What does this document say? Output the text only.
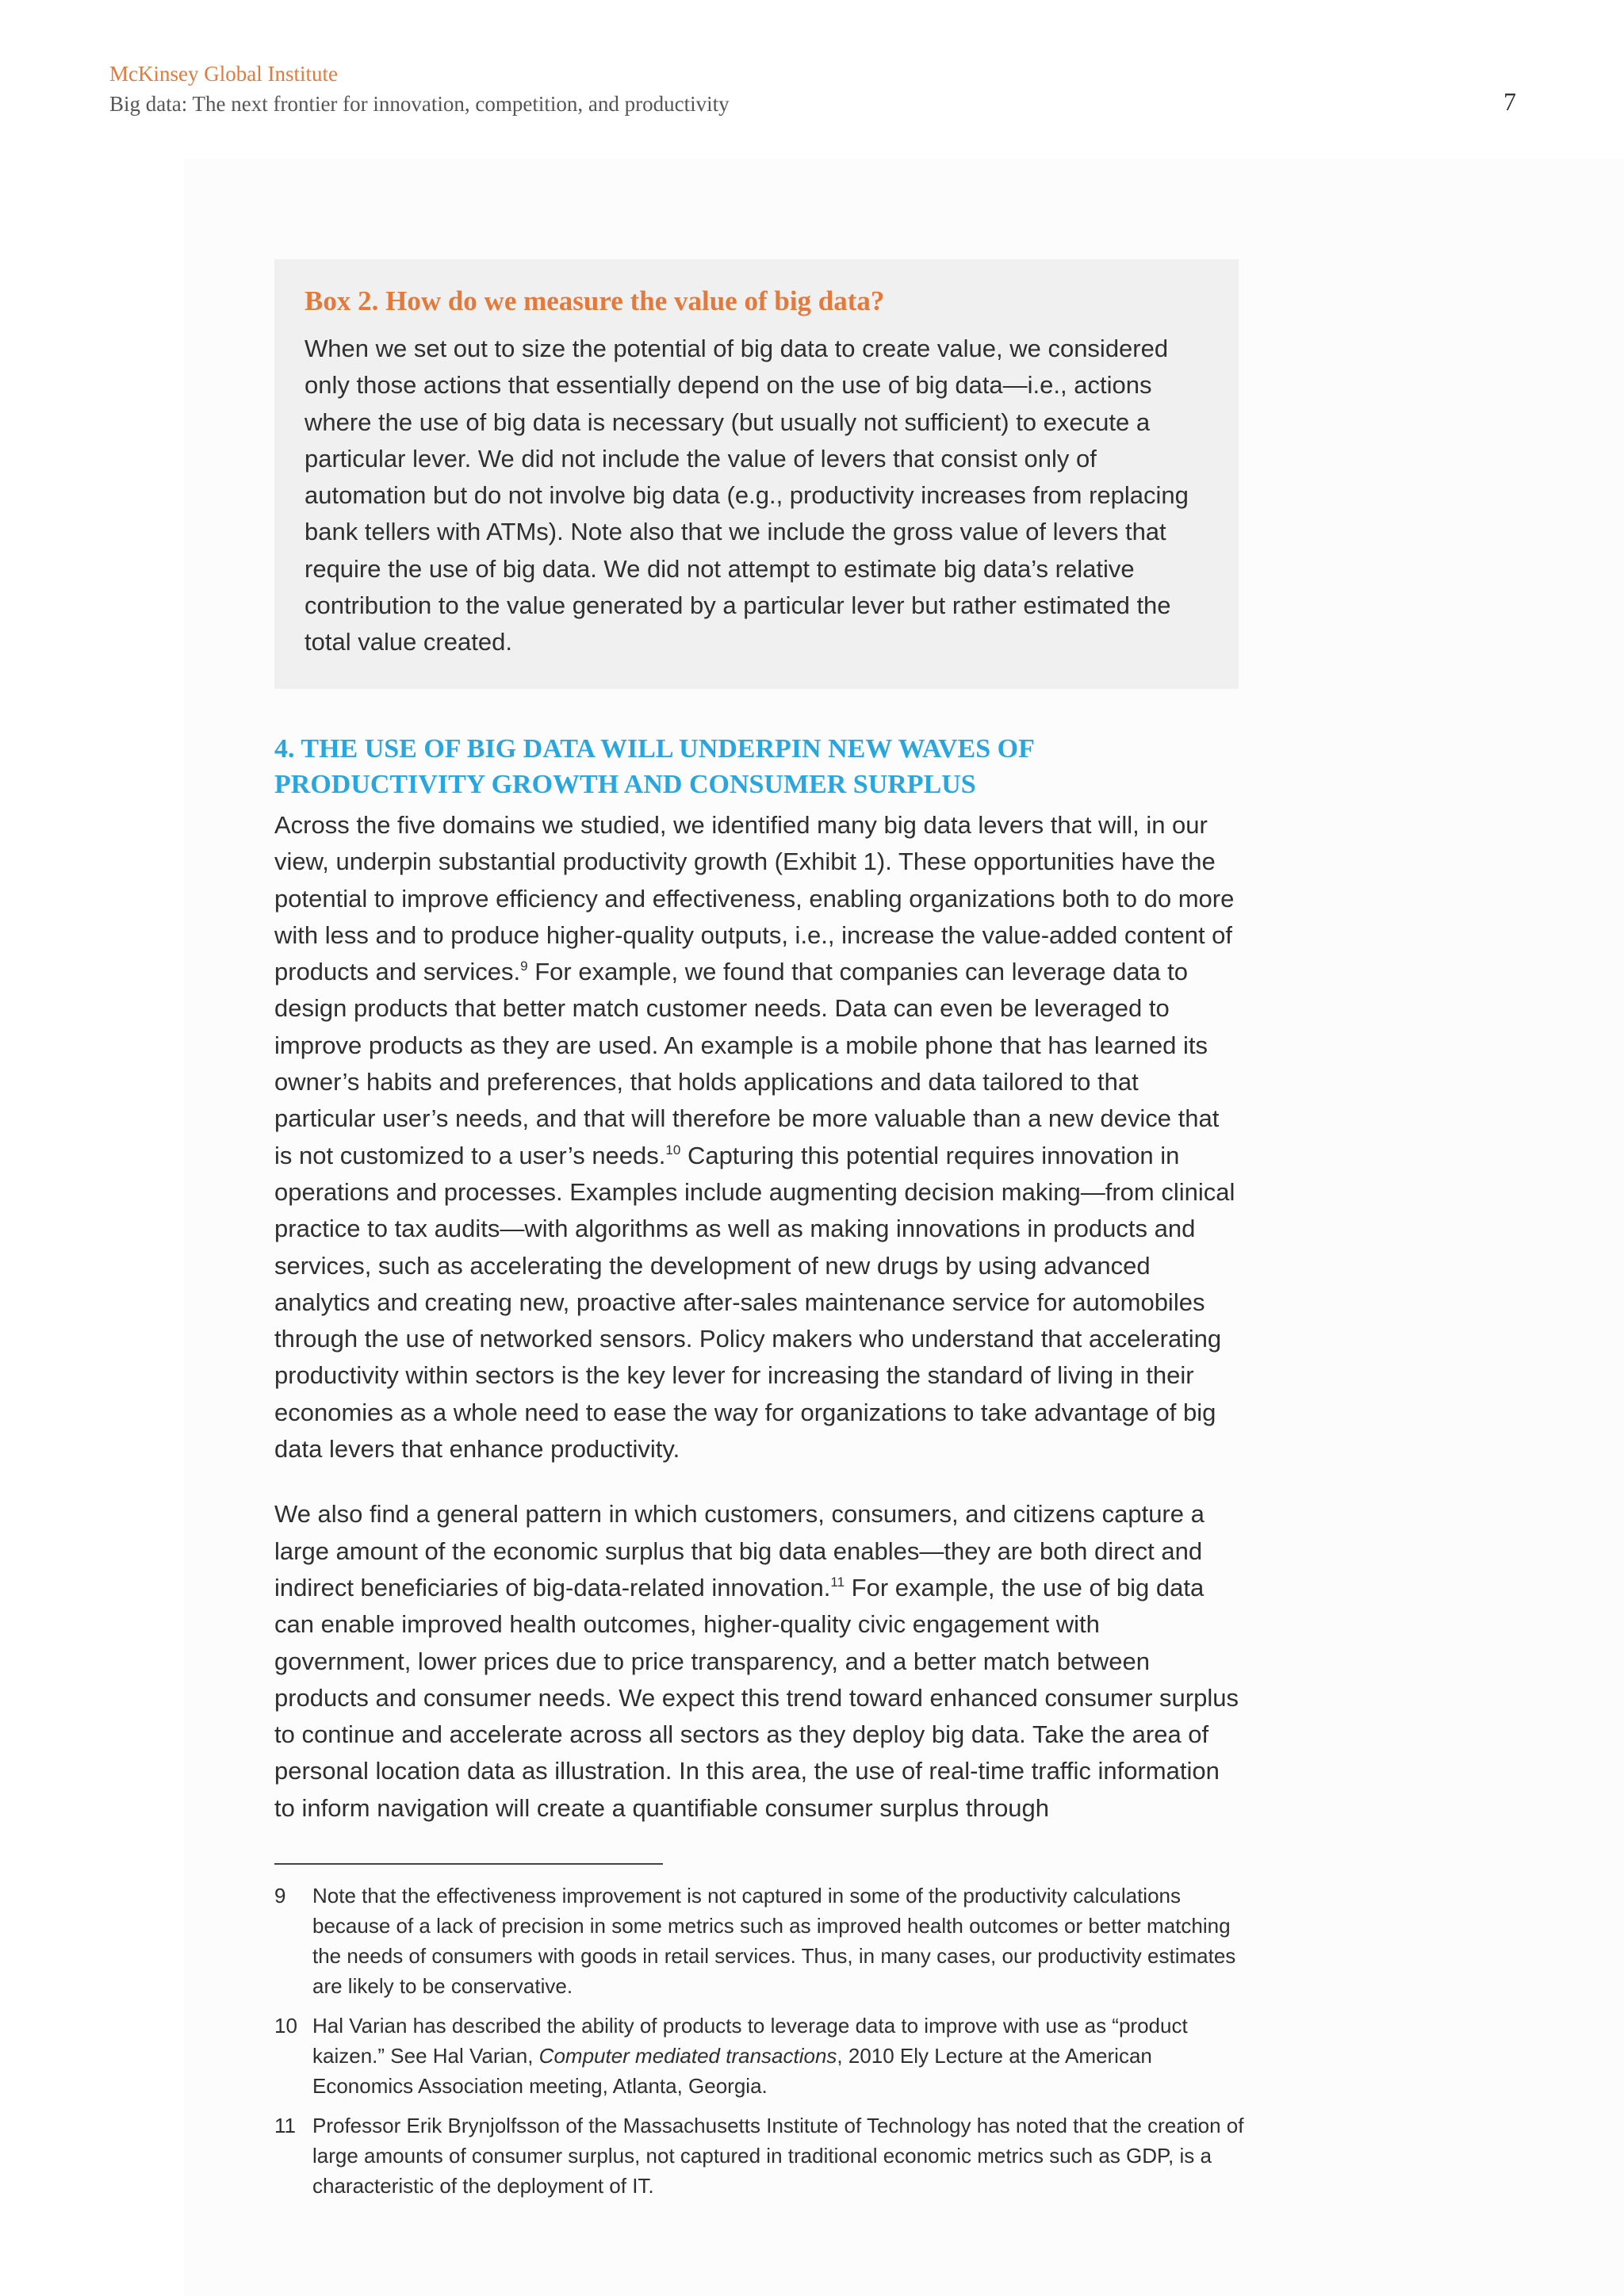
McKinsey Global Institute
Big data: The next frontier for innovation, competition, and productivity	7
Box 2. How do we measure the value of big data?

When we set out to size the potential of big data to create value, we considered only those actions that essentially depend on the use of big data—i.e., actions where the use of big data is necessary (but usually not sufficient) to execute a particular lever. We did not include the value of levers that consist only of automation but do not involve big data (e.g., productivity increases from replacing bank tellers with ATMs). Note also that we include the gross value of levers that require the use of big data. We did not attempt to estimate big data’s relative contribution to the value generated by a particular lever but rather estimated the total value created.

4. THE USE OF BIG DATA WILL UNDERPIN NEW WAVES OF PRODUCTIVITY GROWTH AND CONSUMER SURPLUS

Across the five domains we studied, we identified many big data levers that will, in our view, underpin substantial productivity growth (Exhibit 1). These opportunities have the potential to improve efficiency and effectiveness, enabling organizations both to do more with less and to produce higher-quality outputs, i.e., increase the value-added content of products and services.$^9$ For example, we found that companies can leverage data to design products that better match customer needs. Data can even be leveraged to improve products as they are used. An example is a mobile phone that has learned its owner’s habits and preferences, that holds applications and data tailored to that particular user’s needs, and that will therefore be more valuable than a new device that is not customized to a user’s needs.$^{10}$ Capturing this potential requires innovation in operations and processes. Examples include augmenting decision making—from clinical practice to tax audits—with algorithms as well as making innovations in products and services, such as accelerating the development of new drugs by using advanced analytics and creating new, proactive after-sales maintenance service for automobiles through the use of networked sensors. Policy makers who understand that accelerating productivity within sectors is the key lever for increasing the standard of living in their economies as a whole need to ease the way for organizations to take advantage of big data levers that enhance productivity.

We also find a general pattern in which customers, consumers, and citizens capture a large amount of the economic surplus that big data enables—they are both direct and indirect beneficiaries of big-data-related innovation.$^{11}$ For example, the use of big data can enable improved health outcomes, higher-quality civic engagement with government, lower prices due to price transparency, and a better match between products and consumer needs. We expect this trend toward enhanced consumer surplus to continue and accelerate across all sectors as they deploy big data. Take the area of personal location data as illustration. In this area, the use of real-time traffic information to inform navigation will create a quantifiable consumer surplus through

9	Note that the effectiveness improvement is not captured in some of the productivity calculations because of a lack of precision in some metrics such as improved health outcomes or better matching the needs of consumers with goods in retail services. Thus, in many cases, our productivity estimates are likely to be conservative.
10 Hal Varian has described the ability of products to leverage data to improve with use as “product kaizen.” See Hal Varian, Computer mediated transactions, 2010 Ely Lecture at the American Economics Association meeting, Atlanta, Georgia.
11 Professor Erik Brynjolfsson of the Massachusetts Institute of Technology has noted that the creation of large amounts of consumer surplus, not captured in traditional economic metrics such as GDP, is a characteristic of the deployment of IT.
